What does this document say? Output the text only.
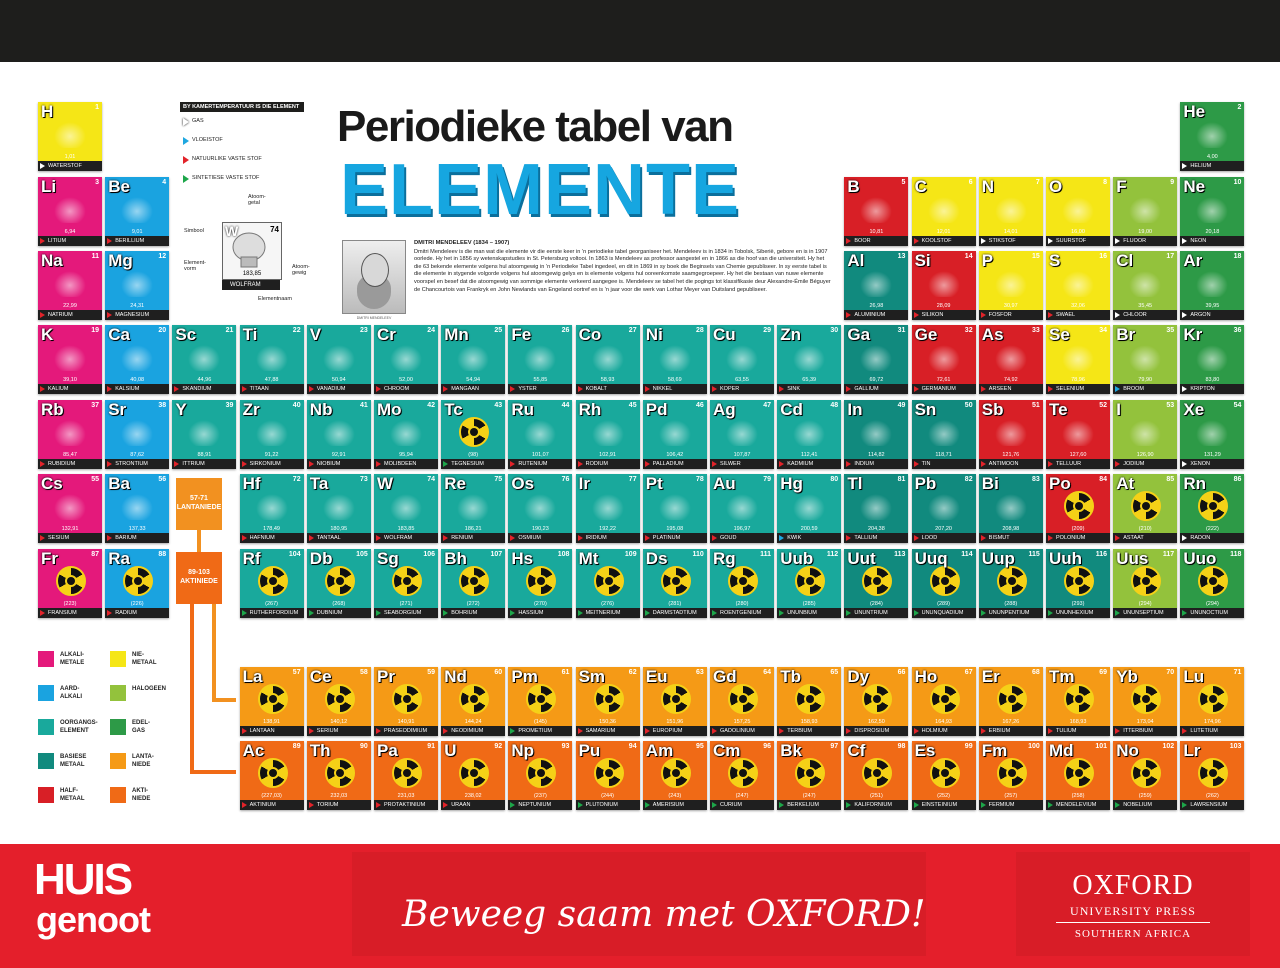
Periodieke tabel van
ELEMENTE
BY KAMERTEMPERATUUR IS DIE ELEMENT
GAS
VLOEISTOF
NATUURLIKE VASTE STOF
SINTETIESE VASTE STOF
W	74
183,85
WOLFRAM
Atoom-
getal
Simbool
Element-
vorm	Atoom-
gewig
Elementnaam
DMITRI MENDELEEV
DMITRI MENDELEEV (1834 – 1907)
Dmitri Mendeleev is die man wat die elemente vir die eerste keer in ’n periodieke tabel georganiseer het. Mendeleev is in 1834 in Tobolsk, Siberië, gebore en is in 1907 oorlede. Hy het in 1856 sy wetenskapstudies in St. Petersburg voltooi. In 1863 is Mendeleev as professor aangestel en in 1866 as die hoof van die universiteit. Hy het die 63 bekende elemente volgens hul atoomgewig in ’n Periodieke Tabel ingedeel, en dit in 1869 in sy boek die Beginsels van Chemie gepubliseer. In sy eerste tabel is die elemente in stygende volgorde volgens hul atoomgewig gelys en is elemente volgens hul ooreenkomste saamgegroepeer. Hy het die bestaan van nuwe elemente voorspel en besef dat die atoomgewig van sommige elemente verkeerd aangegee is. Mendeleev se tabel het die pogings tot klassifikasie deur Alexandre-Émile Béguyer de Chancourtois van Frankryk en John Newlands van Engeland oortref en is ’n jaar voor die werk van Lothar Meyer van Duitsland gepubliseer.
57-71
LANTANIEDE
89-103
AKTINIEDE
ALKALI-
METALE
AARD-
ALKALI
OORGANGS-
ELEMENT
BASIESE
METAAL
HALF-
METAAL
NIE-
METAAL
HALOGEEN
EDEL-
GAS
LANTA-
NIEDE
AKTI-
NIEDE
H	1
1,01
WATERSTOF
He	2
4,00
HELIUM
Li	3
6,94
LITIUM
Be	4
9,01
BERILLIUM
B	5
10,81
BOOR
C	6
12,01
KOOLSTOF
N	7
14,01
STIKSTOF
O	8
16,00
SUURSTOF
F	9
19,00
FLUOOR
Ne	10
20,18
NEON
Na	11
22,99
NATRIUM
Mg	12
24,31
MAGNESIUM
Al	13
26,98
ALUMINIUM
Si	14
28,09
SILIKON
P	15
30,97
FOSFOR
S	16
32,06
SWAEL
Cl	17
35,45
CHLOOR
Ar	18
39,95
ARGON
K	19
39,10
KALIUM
Ca	20
40,08
KALSIUM
Sc	21
44,96
SKANDIUM
Ti	22
47,88
TITAAN
V	23
50,94
VANADIUM
Cr	24
52,00
CHROOM
Mn	25
54,94
MANGAAN
Fe	26
55,85
YSTER
Co	27
58,93
KOBALT
Ni	28
58,69
NIKKEL
Cu	29
63,55
KOPER
Zn	30
65,39
SINK
Ga	31
69,72
GALLIUM
Ge	32
72,61
GERMANIUM
As	33
74,92
ARSEEN
Se	34
78,96
SELENIUM
Br	35
79,90
BROOM
Kr	36
83,80
KRIPTON
Rb	37
85,47
RUBIDIUM
Sr	38
87,62
STRONTIUM
Y	39
88,91
ITTRIUM
Zr	40
91,22
SIRKONIUM
Nb	41
92,91
NIOBIUM
Mo	42
95,94
MOLIBDEEN
Tc	43
(98)
TEGNESIUM
Ru	44
101,07
RUTENIUM
Rh	45
102,91
RODIUM
Pd	46
106,42
PALLADIUM
Ag	47
107,87
SILWER
Cd	48
112,41
KADMIUM
In	49
114,82
INDIUM
Sn	50
118,71
TIN
Sb	51
121,76
ANTIMOON
Te	52
127,60
TELLUUR
I	53
126,90
JODIUM
Xe	54
131,29
XENON
Cs	55
132,91
SESIUM
Ba	56
137,33
BARIUM
Hf	72
178,49
HAFNIUM
Ta	73
180,95
TANTAAL
W	74
183,85
WOLFRAM
Re	75
186,21
RENIUM
Os	76
190,23
OSMIUM
Ir	77
192,22
IRIDIUM
Pt	78
195,08
PLATINUM
Au	79
196,97
GOUD
Hg	80
200,59
KWIK
Tl	81
204,38
TALLIUM
Pb	82
207,20
LOOD
Bi	83
208,98
BISMUT
Po	84
(209)
POLONIUM
At	85
(210)
ASTAAT
Rn	86
(222)
RADON
Fr	87
(223)
FRANSIUM
Ra	88
(226)
RADIUM
Rf	104
(267)
RUTHERFORDIUM
Db	105
(268)
DUBNIUM
Sg	106
(271)
SEABORGIUM
Bh	107
(272)
BOHRIUM
Hs	108
(270)
HASSIUM
Mt	109
(276)
MEITNERIUM
Ds	110
(281)
DARMSTADTIUM
Rg	111
(280)
ROENTGENIUM
Uub 112
(285)
UNUNBIUM
Uut	113
(284)
UNUNTRIUM
Uuq 114
(289)
UNUNQUADIUM
Uup 115
(288)
UNUNPENTIUM
Uuh 116
(293)
UNUNHEXIUM
Uus 117
(294)
UNUNSEPTIUM
Uuo 118
(294)
UNUNOCTIUM
La	57
138,91
LANTAAN
Ce	58
140,12
SERIUM
Pr	59
140,91
PRASEODIMIUM
Nd	60
144,24
NEODIMIUM
Pm	61
(145)
PROMETIUM
Sm	62
150,36
SAMARIUM
Eu	63
151,96
EUROPIUM
Gd	64
157,25
GADOLINIUM
Tb	65
158,93
TERBIUM
Dy	66
162,50
DISPROSIUM
Ho	67
164,93
HOLMIUM
Er	68
167,26
ERBIUM
Tm	69
168,93
TULIUM
Yb	70
173,04
ITTERBIUM
Lu	71
174,96
LUTETIUM
Ac	89
(227,03)
AKTINIUM
Th	90
232,03
TORIUM
Pa	91
231,03
PROTAKTINIUM
U	92
238,02
URAAN
Np	93
(237)
NEPTUNIUM
Pu	94
(244)
PLUTONIUM
Am	95
(243)
AMERISIUM
Cm	96
(247)
CURIUM
Bk	97
(247)
BERKELIUM
Cf	98
(251)
KALIFORNIUM
Es	99
(252)
EINSTEINIUM
Fm	100
(257)
FERMIUM
Md	101
(258)
MENDELEVIUM
No	102
(259)
NOBELIUM
Lr	103
(262)
LAWRENSIUM
HUIS
genoot	Beweeg saam met OXFORD!
OXFORD
UNIVERSITY PRESS
SOUTHERN AFRICA
